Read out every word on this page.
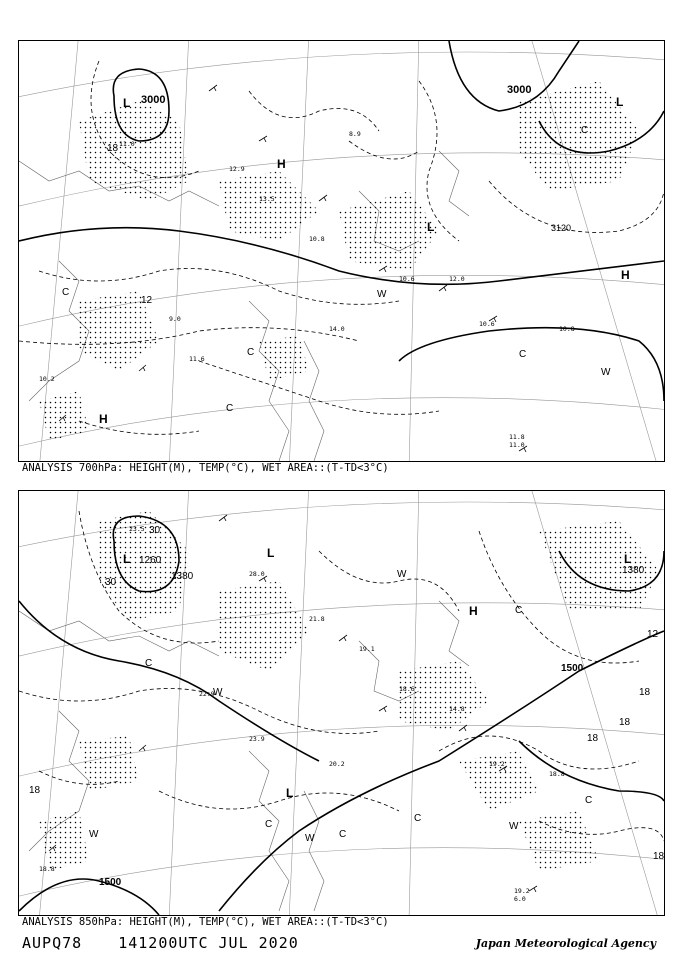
11.0
12.9
13.5
10.8
8.9
10.6	12.0
9.0
14.0
10.6
10.8
10.2
11.8
11.0
11.6
3000
3000
3120
18
12
L
H
L
L
H
H
C
C
C
C
C
W
W
ANALYSIS 700hPa: HEIGHT(M), TEMP(°C), WET AREA::(T-TD<3°C)
23.5
28.0
21.8
19.1
18.6
14.8
22.9
23.9
20.2	19.2
18.8
18.8
19.2
6.0
1260
1380
1380
1500
1500
30
30
12
18
18
18
18
18
L	L	L
H
L
C
C
C
C
C
C
W
W
W	W
W
ANALYSIS 850hPa: HEIGHT(M), TEMP(°C), WET AREA::(T-TD<3°C)
AUPQ78 141200UTC JUL 2020	Japan Meteorological Agency
